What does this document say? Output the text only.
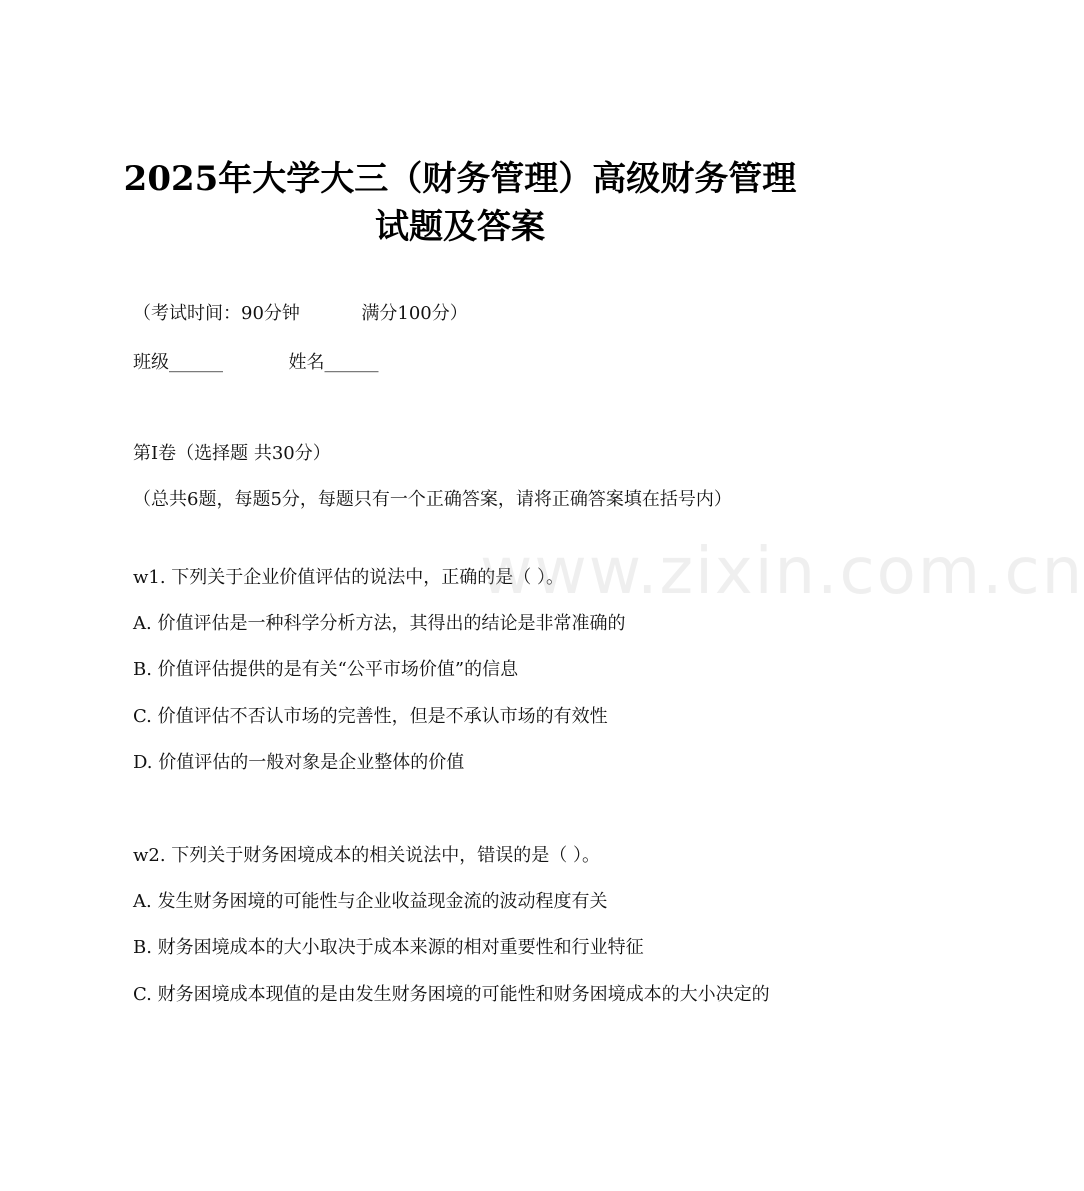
2025年大学大三（财务管理）高级财务管理
试题及答案
（考试时间：90分钟	满分100分）
班级______	姓名______
第I卷（选择题 共30分）
（总共6题，每题5分，每题只有一个正确答案，请将正确答案填在括号内）
w1. 下列关于企业价值评估的说法中，正确的是（ ）。
A. 价值评估是一种科学分析方法，其得出的结论是非常准确的
B. 价值评估提供的是有关“公平市场价值”的信息
C. 价值评估不否认市场的完善性，但是不承认市场的有效性
D. 价值评估的一般对象是企业整体的价值
w2. 下列关于财务困境成本的相关说法中，错误的是（ ）。
A. 发生财务困境的可能性与企业收益现金流的波动程度有关
B. 财务困境成本的大小取决于成本来源的相对重要性和行业特征
C. 财务困境成本现值的是由发生财务困境的可能性和财务困境成本的大小决定的
www.zixin.com.cn
